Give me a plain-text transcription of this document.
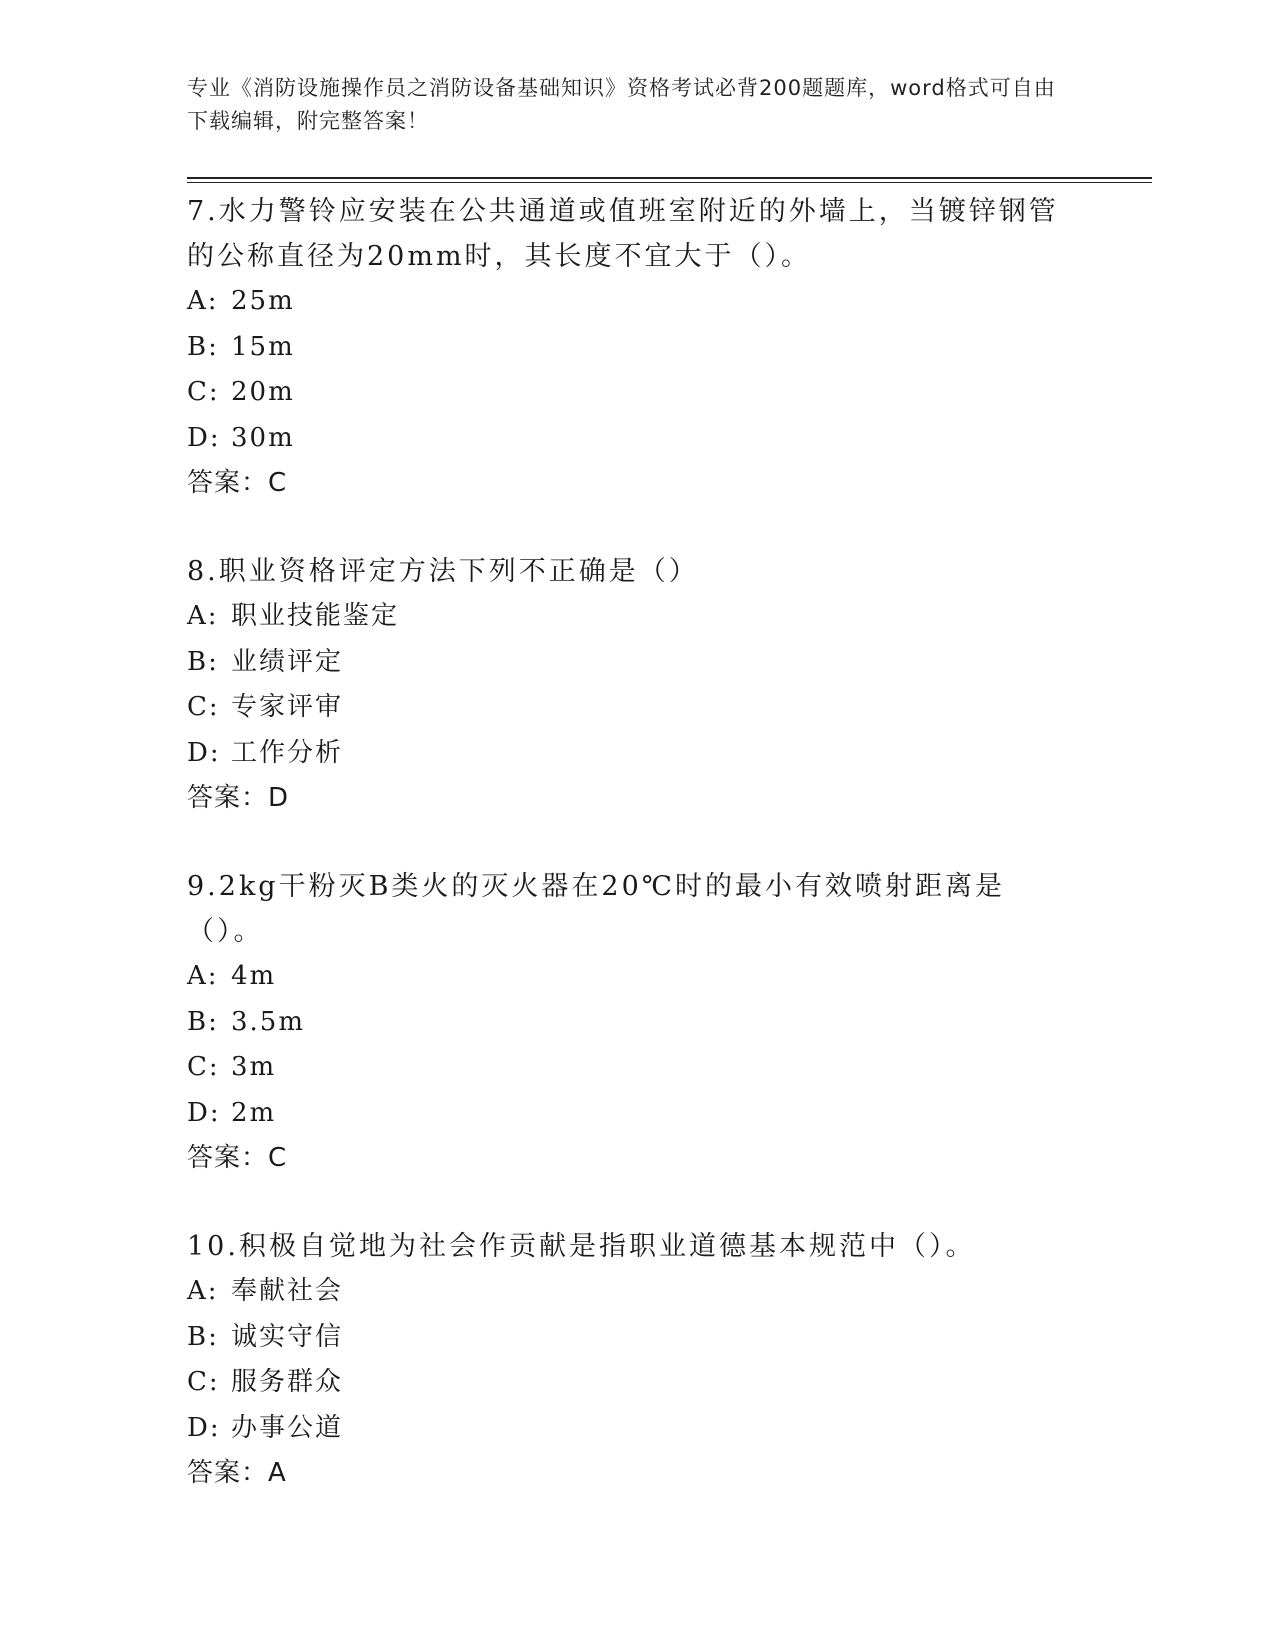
专业《消防设施操作员之消防设备基础知识》资格考试必背200题题库，word格式可自由下载编辑，附完整答案！
7.水力警铃应安装在公共通道或值班室附近的外墙上，当镀锌钢管的公称直径为20mm时，其长度不宜大于（）。
A: 25m
B: 15m
C: 20m
D: 30m
答案：C
8.职业资格评定方法下列不正确是（）
A: 职业技能鉴定
B: 业绩评定
C: 专家评审
D: 工作分析
答案：D
9.2kg干粉灭B类火的灭火器在20℃时的最小有效喷射距离是（）。
A: 4m
B: 3.5m
C: 3m
D: 2m
答案：C
10.积极自觉地为社会作贡献是指职业道德基本规范中（）。
A: 奉献社会
B: 诚实守信
C: 服务群众
D: 办事公道
答案：A
